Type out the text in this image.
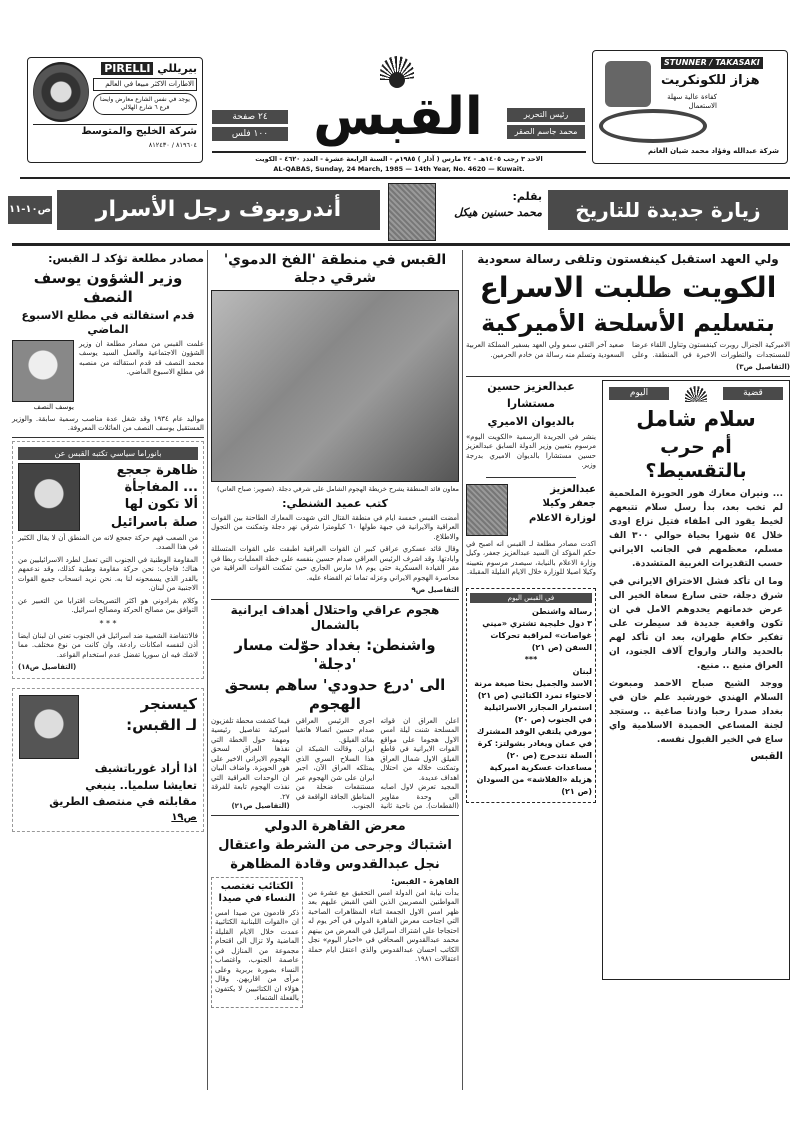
بيريللي PIRELLI
الاطارات الاكثر مبيعا في العالم
يوجد في نفس الشارع معارض وايضا فرع ٦ شارع الهلالي
شركة الخليج والمتوسط
٨١٩٦٠٤ / ٨١٢٤٣٠
STUNNER / TAKASAKI
هزاز للكونكريت
كفاءة عالية سهلة الاستعمال
شركة عبدالله وفؤاد محمد شيان الغانم
القبس
٢٤ صفحة
١٠٠ فلس
رئيس التحرير
محمد جاسم الصقر
الاحد ٣ رجب ١٤٠٥هـ - ٢٤ مارس ( آذار ) ١٩٨٥م - السنة الرابعة عشرة - العدد ٤٦٢٠ - الكويت
AL-QABAS, Sunday, 24 March, 1985 — 14th Year, No. 4620 — Kuwait.
زيارة جديدة للتاريخ
بقلم:
محمد حسنين هيكل
أندروبوف رجل الأسرار
ص١٠-١١
ولي العهد استقبل كينفستون وتلقى رسالة سعودية
الكويت طلبت الاسراع
بتسليم الأسلحة الأميركية
الاميركية الجنرال روبرت كينفستون وتناول اللقاء عرضا للمستجدات والتطورات الاخيرة في المنطقة. وعلى صعيد آخر التقى سمو ولي العهد بسفير المملكة العربية السعودية وتسلم منه رسالة من خادم الحرمين.
(التفاصيل ص٣)
قضية
اليوم
سلام شامل
أم حرب بالتقسيط؟
... ونيران معارك هور الحويزة الملحمية لم تخب بعد، بدأ رسل سلام تتبعهم لخيط يقود الى اطفاء فتيل نزاع اودى خلال ٥٤ شهرا بحياة حوالي ٣٠٠ الف مسلم، معظمهم في الجانب الايراني حسب التقديرات الغربية المتشددة.
وما ان تأكد فشل الاختراق الايراني في شرق دجلة، حتى سارع سعاة الخير الى عرض خدماتهم يحدوهم الامل في ان تكون واقعية جديدة قد سيطرت على تفكير حكام طهران، بعد ان تأكد لهم بالحديد والنار وارواح آلاف الجنود، ان العراق منيع .. منيع.
ووجد الشيخ صباح الاحمد ومبعوث السلام الهندي خورشيد علم خان في بغداد صدرا رحبا واذنا صاغية .. وستجد لجنة المساعي الحميدة الاسلامية واي ساع في الخير القبول نفسه.
القبس
عبدالعزيز حسين
مستشارا
بالديوان الاميري
ينشر في الجريدة الرسمية «الكويت اليوم» مرسوم بتعيين وزير الدولة السابق عبدالعزيز حسين مستشارا بالديوان الاميري بدرجة وزير.
عبدالعزيز
جعفر وكيلا
لوزارة الاعلام
اكدت مصادر مطلعة لـ القبس انه اصبح في حكم المؤكد ان السيد عبدالعزيز جعفر، وكيل وزارة الاعلام بالنيابة، سيصدر مرسوم بتعيينه وكيلا اصيلا للوزارة خلال الايام القليلة المقبلة.
في القبس اليوم
رسالة واشنطن
٣ دول خليجية تشتري «ميني غواصات» لمراقبة تحركات السفن (ص ٢١)
***
لبنان
الاسد والجميل بحثا صيغة مرنة لاحتواء تمرد الكتائبي (ص ٢١)
استمرار المجازر الاسرائيلية في الجنوب (ص ٢٠)
مورفي يلتقي الوفد المشترك في عمان ويغادر بشولتز: كرة السلة تتدحرج (ص ٢٠)
مساعدات عسكرية اميركية هزيلة «الفلاشة» من السودان (ص ٢١)
القبس في منطقة 'الفخ الدموي' شرقي دجلة
معاون قائد المنطقة يشرح خريطة الهجوم الشامل على شرقي دجلة. (تصوير: صباح العاني)
كتب عميد الشنطي:
أمضت القبس خمسة ايام في منطقة القتال التي شهدت المعارك الطاحنة بين القوات العراقية والايرانية في جبهة طولها ٦٠ كيلومترا شرقي نهر دجلة وتمكنت من التجول والاطلاع.
وقال قائد عسكري عراقي كبير ان القوات العراقية اطبقت على القوات المتسللة وابادتها. وقد اشرف الرئيس العراقي صدام حسين بنفسه على خطة العمليات ربطا في مقر القيادة العسكرية حتى يوم ١٨ مارس الجاري حين تمكنت القوات العراقية من محاصرة الهجوم الايراني وعزله تماما ثم القضاء عليه.
التفاصيل ص٩
هجوم عراقي واحتلال أهداف ايرانية بالشمال
واشنطن: بغداد حوّلت مسار 'دجلة'
الى 'درع حدودي' ساهم بسحق الهجوم
اعلن العراق ان قواته المسلحة شنت ليلة امس الاول هجوما على مواقع القوات الايرانية في قاطع الفيلق الاول شمال العراق وتمكنت خلاله من احتلال اهداف عديدة.
المجيد تعرض لاول اصابه الى وحدة مقاوير (القطعات). من ناحية ثانية اجرى الرئيس العراقي صدام حسين اتصالا هاتفيا بقائد الفيلق.
ايران. وقالت الشبكة ان هذا السلاح السري الذي يمتلكه العراق الآن، اجبر ايران على شن الهجوم عبر مستنقعات ضحلة من المناطق الجافة الواقعة في الجنوب.
فيما كشفت محطة تلفزيون اميركية تفاصيل رئيسية ومهمة حول الخطة التي نفذها العراق لسحق الهجوم الايراني الاخير على هور الحويزة. واضاف البيان ان الوحدات العراقية التي نفذت الهجوم تابعة للفرقة ٢٧.
(التفاصيل ص٢١)
معرض القاهرة الدولي
اشتباك وجرحى من الشرطة واعتقال
نجل عبدالقدوس وقادة المظاهرة
القاهرة - القبس:
بدأت نيابة امن الدولة امس التحقيق مع عشرة من المواطنين المصريين الذين القي القبض عليهم بعد ظهر امس الاول الجمعة اثناء المظاهرات الصاخبة التي اجتاحت معرض القاهرة الدولي في آخر يوم له احتجاجا على اشتراك اسرائيل في المعرض من بينهم محمد عبدالقدوس الصحافي في «اخبار اليوم» نجل الكاتب احسان عبدالقدوس والذي اعتقل ايام حملة اعتقالات ١٩٨١.
الكتائب تغتصب
النساء في صيدا
ذكر قادمون من صيدا امس ان «القوات اللبنانية الكتائبية عمدت خلال الايام القليلة الماضية ولا تزال الى اقتحام مجموعة من المنازل في عاصمة الجنوب، واغتصاب النساء بصورة بربرية وعلى مرأى من اقاربهن. وقال هؤلاء ان الكتائبيين لا يكتفون بالفعلة الشنعاء.
مصادر مطلعة تؤكد لـ القبس:
وزير الشؤون يوسف النصف
قدم استقالته في مطلع الاسبوع الماضي
علمت القبس من مصادر مطلعة ان وزير الشؤون الاجتماعية والعمل السيد يوسف محمد النصف قد قدم استقالته من منصبه في مطلع الاسبوع الماضي.
يوسف النصف
مواليد عام ١٩٣٤ وقد شغل عدة مناصب رسمية سابقة. والوزير المستقيل يوسف النصف من العائلات المعروفة.
بانوراما سياسي تكتبه القبس عن
ظاهرة جعجع
... المفاجأة
ألا تكون لها
صلة باسرائيل
من الصعب فهم حركة جعجع لانه من المنطق أن لا يقال الكثير في هذا الصدد.
المقاومة الوطنية في الجنوب التي تعمل لطرد الاسرائيليين من هناك؛ فاجاب: نحن حركة مقاومة وطنية كذلك، وقد ندعمهم بالقدر الذي يسمحونه لنا به. نحن نريد انسحاب جميع القوات الاجنبية من لبنان.
وكلام بقرادوني هو اكثر التصريحات اقترابا من التعبير عن التوافق بين مصالح الحركة ومصالح اسرائيل.
* * *
فالانتفاضة الشعبية ضد اسرائيل في الجنوب تعني ان لبنان ايضا أذن لنفسه امكانات رادعة، وان كانت من نوع مختلف. مما لاشك فيه ان سوريا تفضل عدم استخدام القواعد.
(التفاصيل ص١٨)
كيسنجر
لـ القبس:
اذا أراد غورباتشيف
تعايشا سلميا.. ينبغي
مقابلته في منتصف الطريق
ص١٩
